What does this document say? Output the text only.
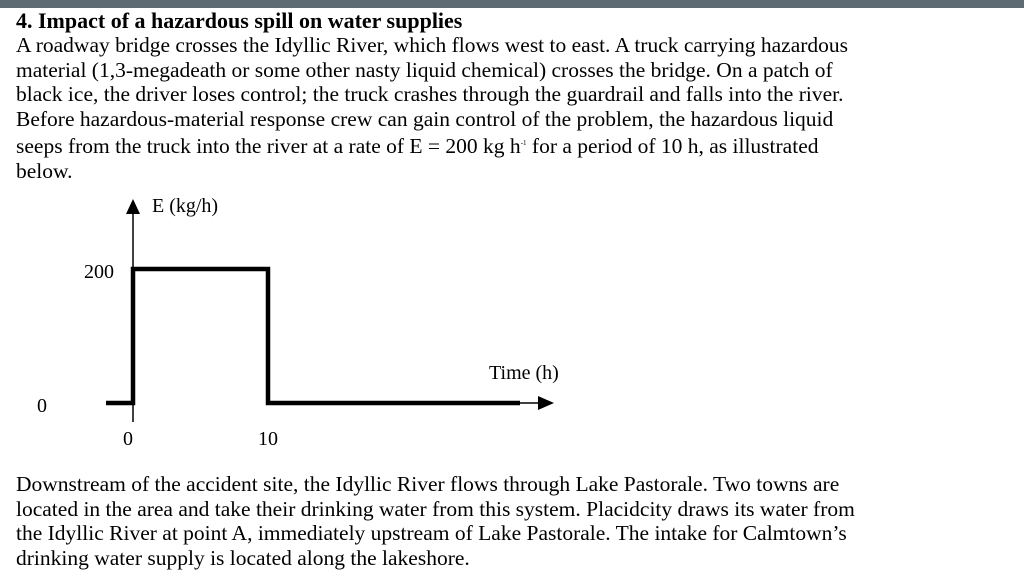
4. Impact of a hazardous spill on water supplies

A roadway bridge crosses the Idyllic River, which flows west to east. A truck carrying hazardous

material (1,3-megadeath or some other nasty liquid chemical) crosses the bridge. On a patch of

black ice, the driver loses control; the truck crashes through the guardrail and falls into the river.

Before hazardous-material response crew can gain control of the problem, the hazardous liquid

seeps from the truck into the river at a rate of E = 200 kg $h^{-1}$ for a period of 10 h, as illustrated

below.

E (kg/h)
Time (h)
200
0
0	10

Downstream of the accident site, the Idyllic River flows through Lake Pastorale. Two towns are

located in the area and take their drinking water from this system. Placidcity draws its water from

the Idyllic River at point A, immediately upstream of Lake Pastorale. The intake for Calmtown’s

drinking water supply is located along the lakeshore.
